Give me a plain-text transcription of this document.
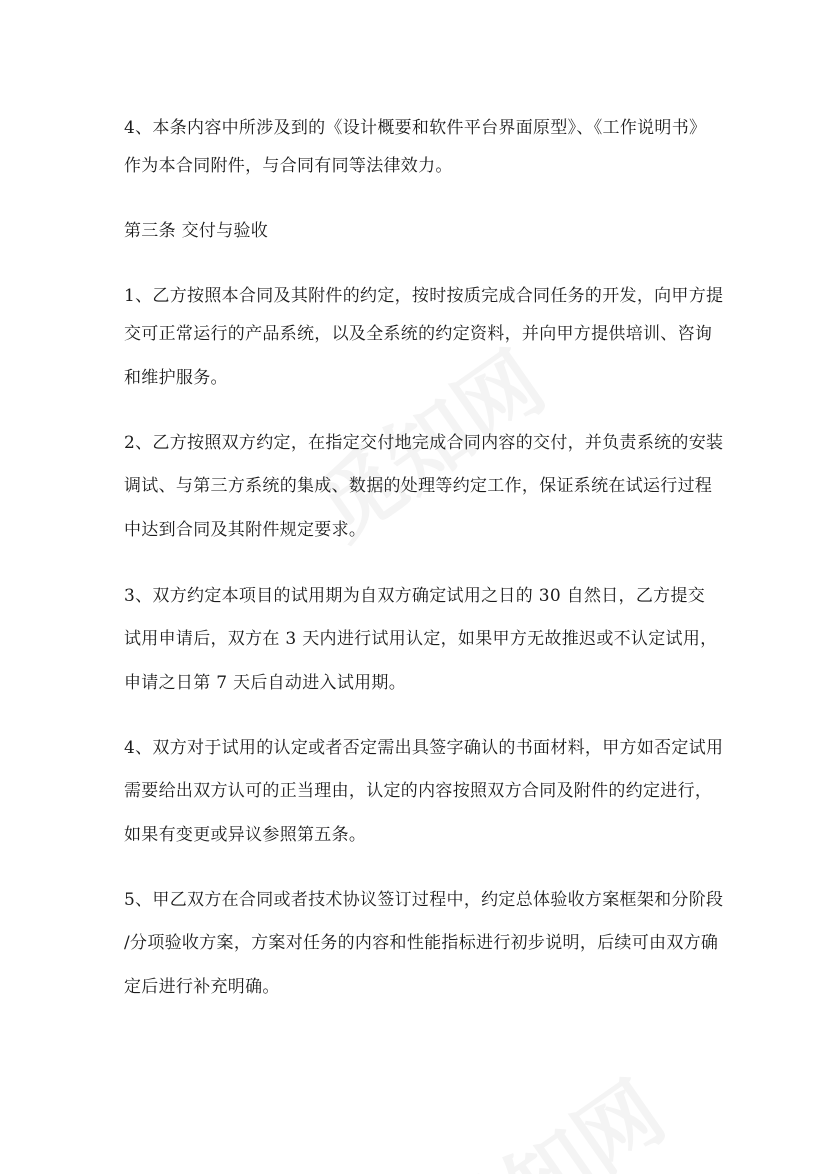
4、本条内容中所涉及到的《设计概要和软件平台界面原型》、《工作说明书》
作为本合同附件，与合同有同等法律效力。
第三条 交付与验收
1、乙方按照本合同及其附件的约定，按时按质完成合同任务的开发，向甲方提
交可正常运行的产品系统，以及全系统的约定资料，并向甲方提供培训、咨询
和维护服务。
2、乙方按照双方约定，在指定交付地完成合同内容的交付，并负责系统的安装
调试、与第三方系统的集成、数据的处理等约定工作，保证系统在试运行过程
中达到合同及其附件规定要求。
3、双方约定本项目的试用期为自双方确定试用之日的 30 自然日，乙方提交
试用申请后，双方在 3 天内进行试用认定，如果甲方无故推迟或不认定试用，
申请之日第 7 天后自动进入试用期。
4、双方对于试用的认定或者否定需出具签字确认的书面材料，甲方如否定试用
需要给出双方认可的正当理由，认定的内容按照双方合同及附件的约定进行，
如果有变更或异议参照第五条。
5、甲乙双方在合同或者技术协议签订过程中，约定总体验收方案框架和分阶段
/分项验收方案，方案对任务的内容和性能指标进行初步说明，后续可由双方确
定后进行补充明确。
